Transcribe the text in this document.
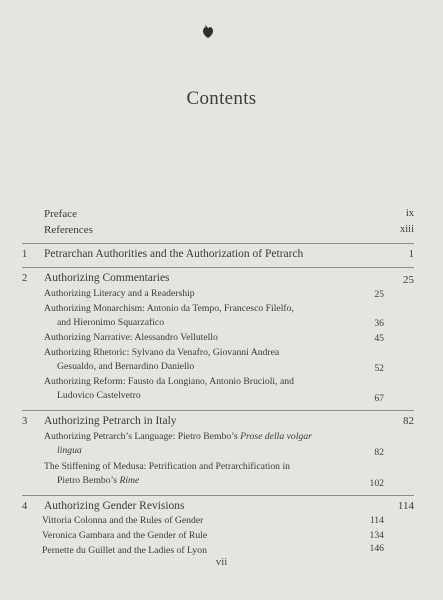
Contents
Preface	ix
References	xiii
1 Petrarchan Authorities and the Authorization of Petrarch	1
2 Authorizing Commentaries	25
Authorizing Literacy and a Readership	25
Authorizing Monarchism: Antonio da Tempo, Francesco Filelfo,
and Hieronimo Squarzafico	36
Authorizing Narrative: Alessandro Vellutello	45
Authorizing Rhetoric: Sylvano da Venafro, Giovanni Andrea
Gesualdo, and Bernardino Daniello	52
Authorizing Reform: Fausto da Longiano, Antonio Brucioli, and
Ludovico Castelvetro	67
3 Authorizing Petrarch in Italy	82
Authorizing Petrarch’s Language: Pietro Bembo’s Prose della volgar
lingua	82
The Stiffening of Medusa: Petrification and Petrarchification in
Pietro Bembo’s Rime	102
4 Authorizing Gender Revisions	114
Vittoria Colonna and the Rules of Gender	114
Veronica Gambara and the Gender of Rule	134
Pernette du Guillet and the Ladies of Lyon	146
vii
